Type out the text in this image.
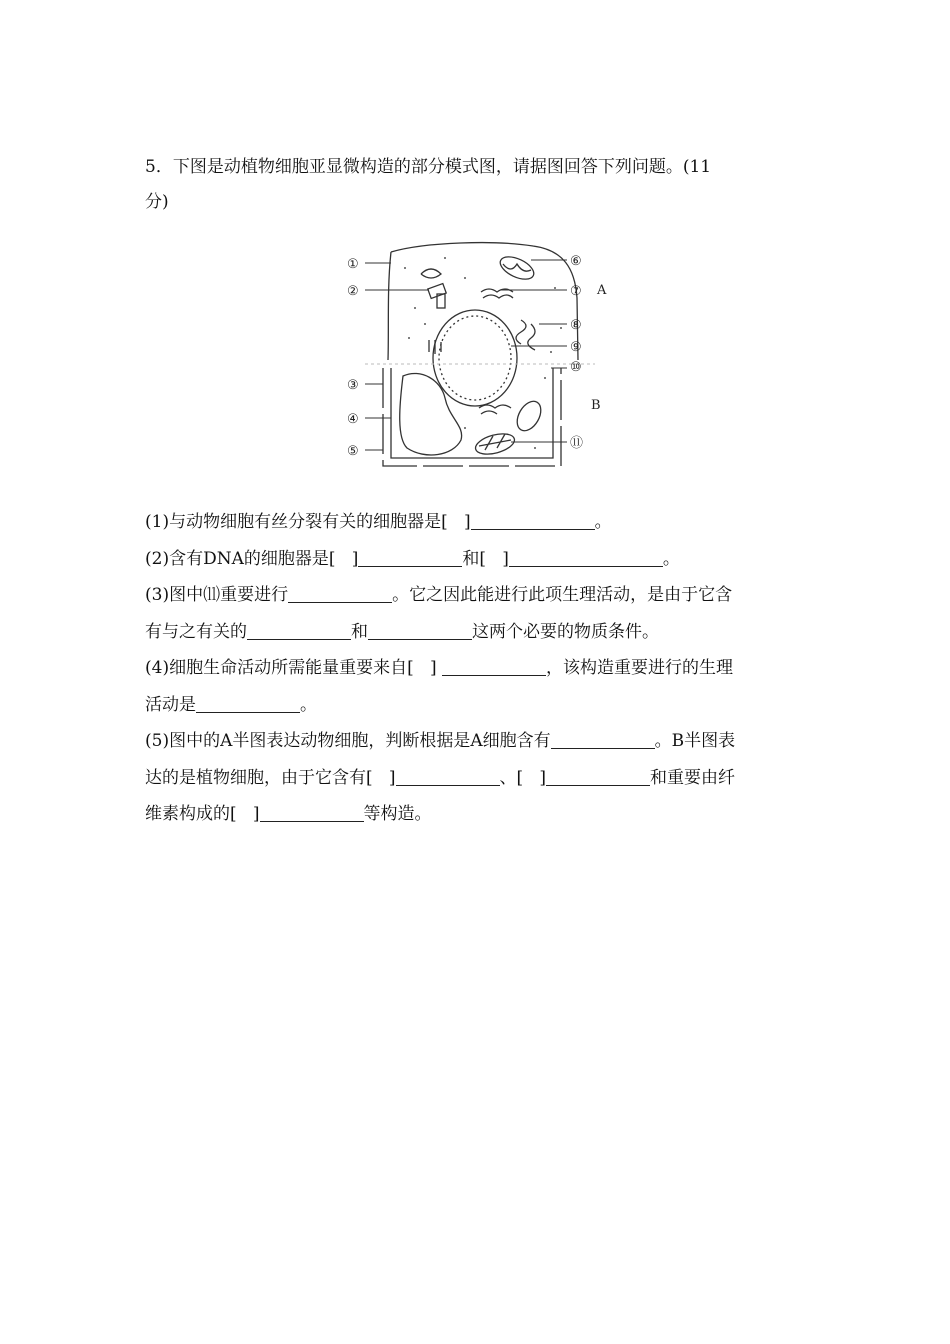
5．下图是动植物细胞亚显微构造的部分模式图，请据图回答下列问题。(11
分)
①
②
③
④
⑤
⑥
⑦
⑧
⑨
⑩
⑪
A
B
(1)与动物细胞有丝分裂有关的细胞器是[ ]	。
(2)含有DNA的细胞器是[ ]	和[ ]	。
(3)图中⑾重要进行	。它之因此能进行此项生理活动，是由于它含
有与之有关的	和	这两个必要的物质条件。
(4)细胞生命活动所需能量重要来自[ ]	，该构造重要进行的生理
活动是	。
(5)图中的A半图表达动物细胞，判断根据是A细胞含有	。B半图表
达的是植物细胞，由于它含有[ ]	、[ ]	和重要由纤
维素构成的[ ]	等构造。
